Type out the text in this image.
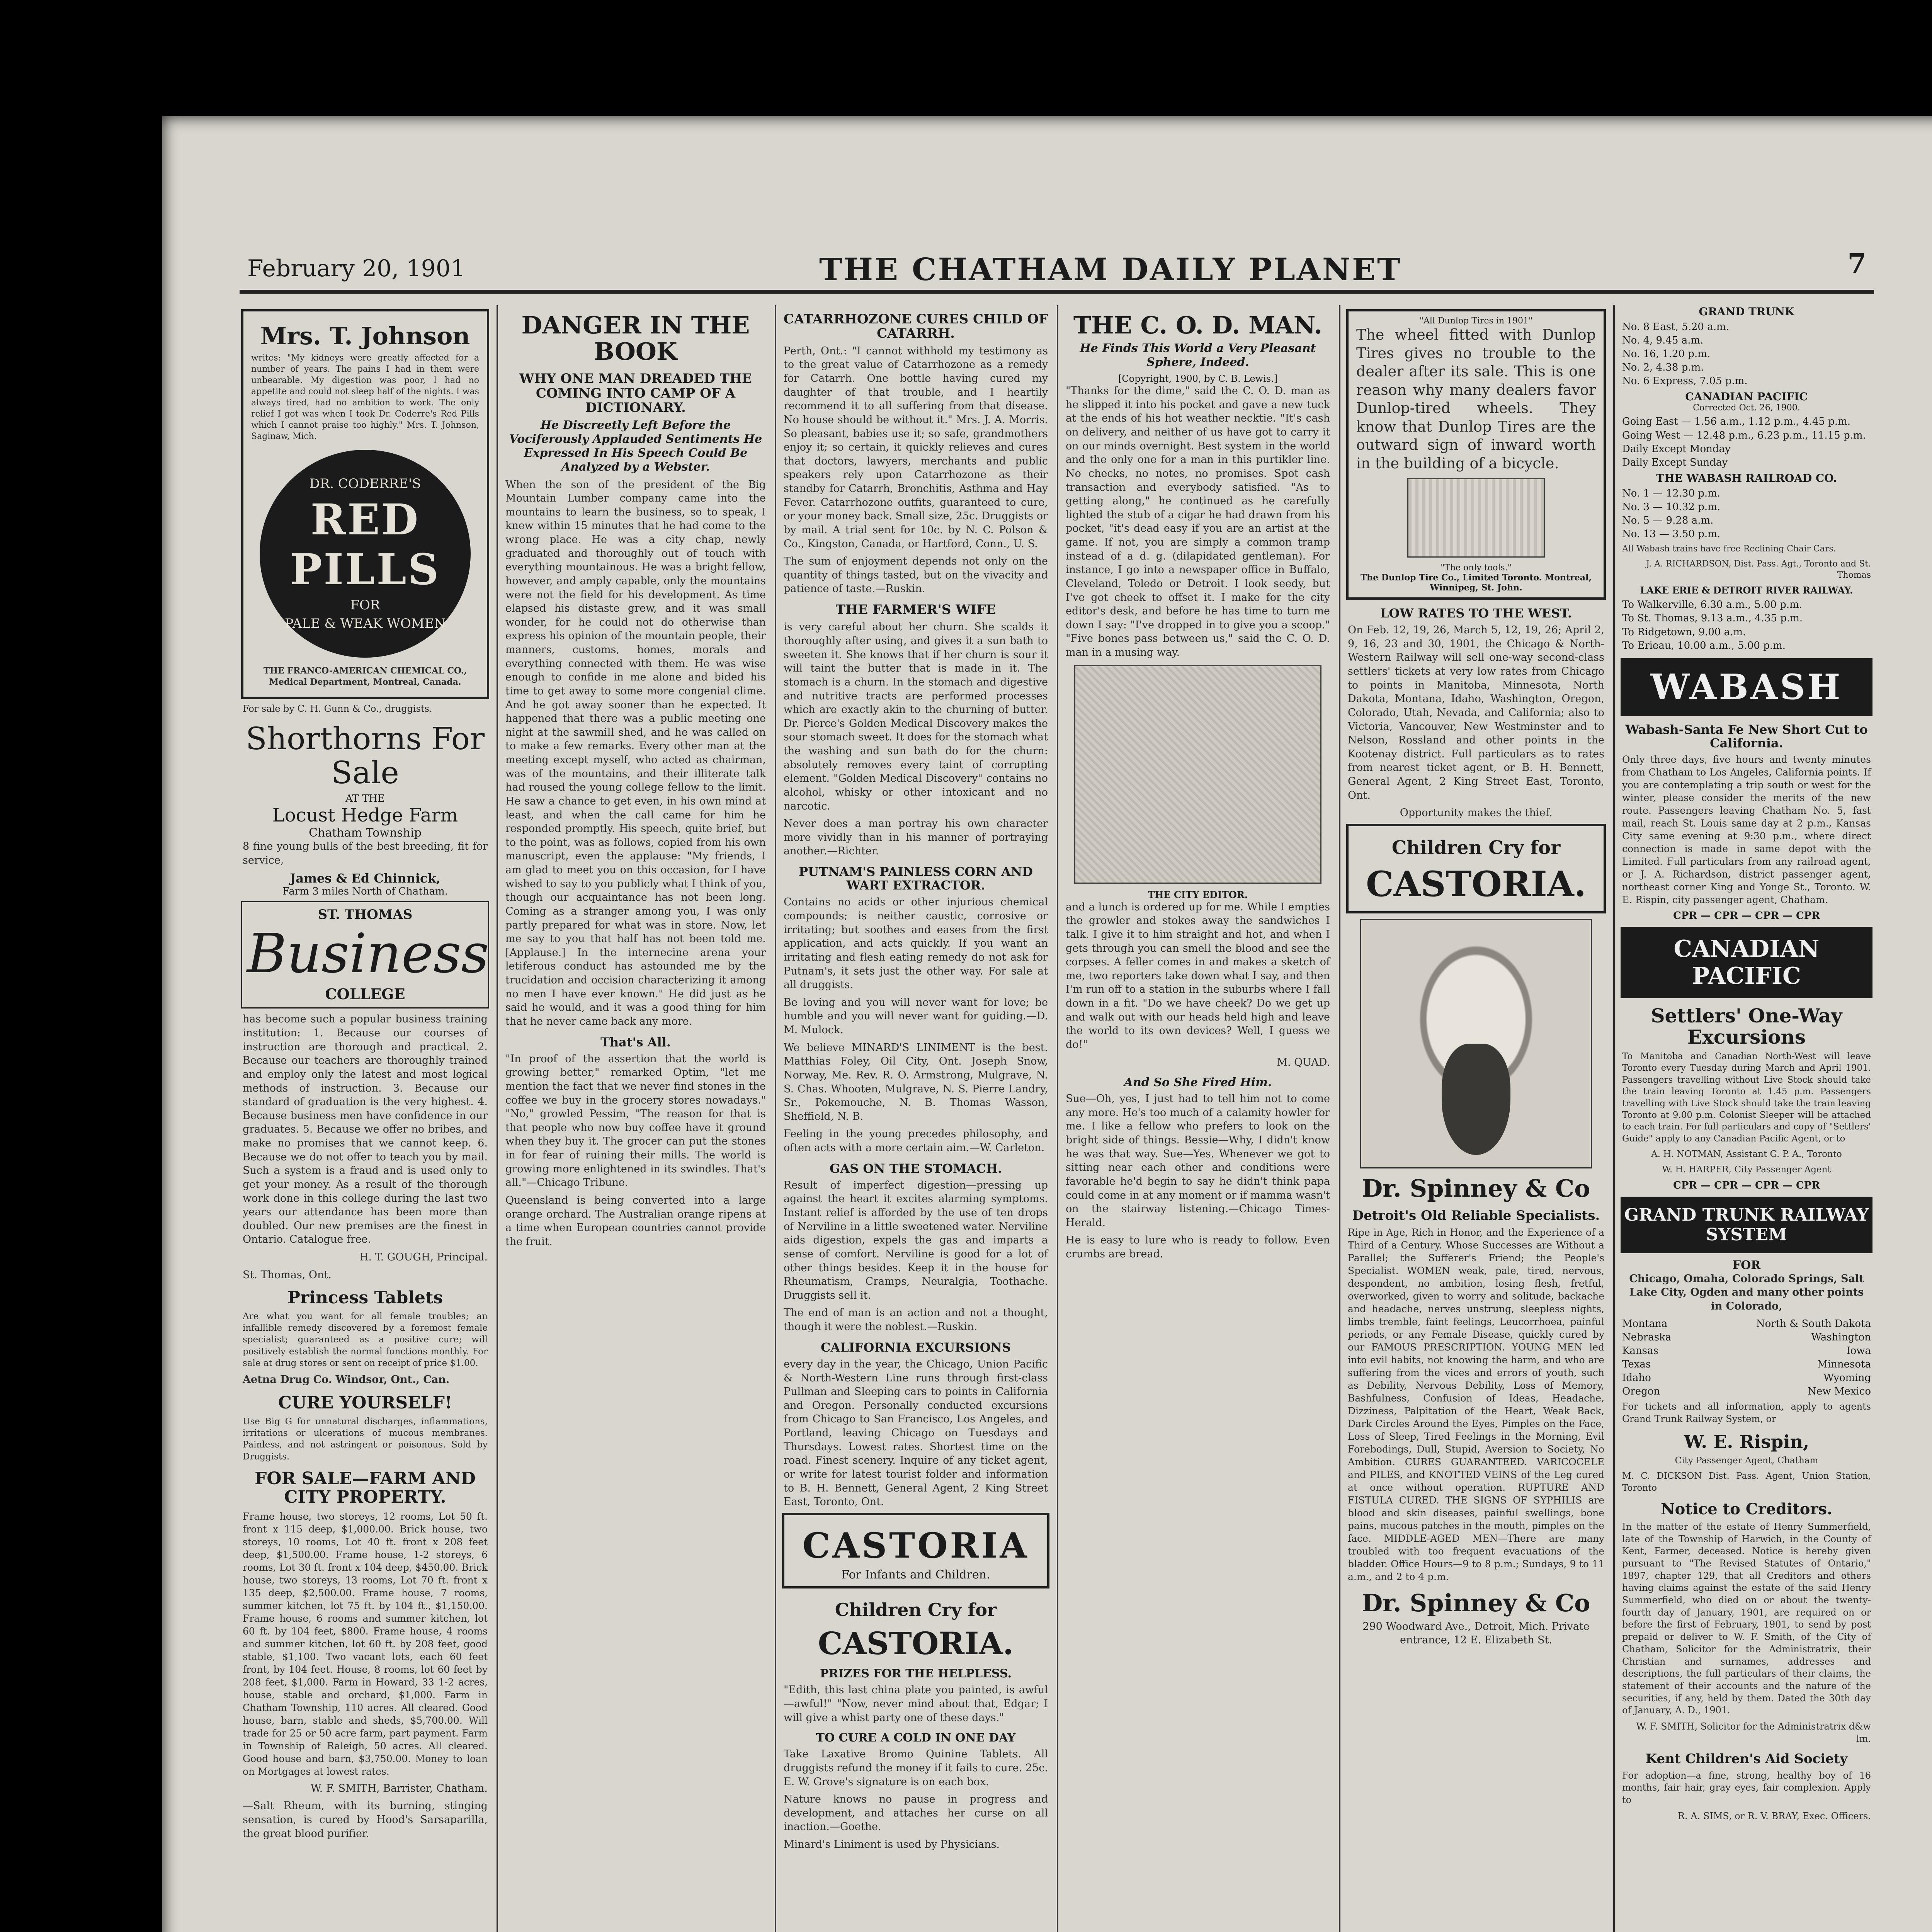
February 20, 1901	THE CHATHAM DAILY PLANET	7
Mrs. T. Johnson
writes: "My kidneys were greatly affected for a number of years. The pains I had in them were unbearable. My digestion was poor, I had no appetite and could not sleep half of the nights. I was always tired, had no ambition to work. The only relief I got was when I took Dr. Coderre's Red Pills which I cannot praise too highly." Mrs. T. Johnson, Saginaw, Mich.
DR. CODERRE'S
RED PILLS
FOR
PALE & WEAK WOMEN
THE FRANCO-AMERICAN CHEMICAL CO., Medical Department, Montreal, Canada.
For sale by C. H. Gunn & Co., druggists.
Shorthorns For Sale
AT THE
Locust Hedge Farm
Chatham Township
8 fine young bulls of the best breeding, fit for service,
James & Ed Chinnick,
Farm 3 miles North of Chatham.
ST. THOMAS
Business
COLLEGE
has become such a popular business training institution: 1. Because our courses of instruction are thorough and practical. 2. Because our teachers are thoroughly trained and employ only the latest and most logical methods of instruction. 3. Because our standard of graduation is the very highest. 4. Because business men have confidence in our graduates. 5. Because we offer no bribes, and make no promises that we cannot keep. 6. Because we do not offer to teach you by mail. Such a system is a fraud and is used only to get your money. As a result of the thorough work done in this college during the last two years our attendance has been more than doubled. Our new premises are the finest in Ontario. Catalogue free.
H. T. GOUGH, Principal.
St. Thomas, Ont.
Princess Tablets
Are what you want for all female troubles; an infallible remedy discovered by a foremost female specialist; guaranteed as a positive cure; will positively establish the normal functions monthly. For sale at drug stores or sent on receipt of price $1.00.
Aetna Drug Co. Windsor, Ont., Can.
CURE YOURSELF!
Use Big G for unnatural discharges, inflammations, irritations or ulcerations of mucous membranes. Painless, and not astringent or poisonous. Sold by Druggists.
FOR SALE—FARM AND CITY PROPERTY.
Frame house, two storeys, 12 rooms, Lot 50 ft. front x 115 deep, $1,000.00. Brick house, two storeys, 10 rooms, Lot 40 ft. front x 208 feet deep, $1,500.00. Frame house, 1-2 storeys, 6 rooms, Lot 30 ft. front x 104 deep, $450.00. Brick house, two storeys, 13 rooms, Lot 70 ft. front x 135 deep, $2,500.00. Frame house, 7 rooms, summer kitchen, lot 75 ft. by 104 ft., $1,150.00. Frame house, 6 rooms and summer kitchen, lot 60 ft. by 104 feet, $800. Frame house, 4 rooms and summer kitchen, lot 60 ft. by 208 feet, good stable, $1,100. Two vacant lots, each 60 feet front, by 104 feet. House, 8 rooms, lot 60 feet by 208 feet, $1,000. Farm in Howard, 33 1-2 acres, house, stable and orchard, $1,000. Farm in Chatham Township, 110 acres. All cleared. Good house, barn, stable and sheds, $5,700.00. Will trade for 25 or 50 acre farm, part payment. Farm in Township of Raleigh, 50 acres. All cleared. Good house and barn, $3,750.00. Money to loan on Mortgages at lowest rates.
W. F. SMITH, Barrister, Chatham.
—Salt Rheum, with its burning, stinging sensation, is cured by Hood's Sarsaparilla, the great blood purifier.
DANGER IN THE BOOK
WHY ONE MAN DREADED THE COMING INTO CAMP OF A DICTIONARY.
He Discreetly Left Before the Vociferously Applauded Sentiments He Expressed In His Speech Could Be Analyzed by a Webster.
When the son of the president of the Big Mountain Lumber company came into the mountains to learn the business, so to speak, I knew within 15 minutes that he had come to the wrong place. He was a city chap, newly graduated and thoroughly out of touch with everything mountainous. He was a bright fellow, however, and amply capable, only the mountains were not the field for his development. As time elapsed his distaste grew, and it was small wonder, for he could not do otherwise than express his opinion of the mountain people, their manners, customs, homes, morals and everything connected with them. He was wise enough to confide in me alone and bided his time to get away to some more congenial clime. And he got away sooner than he expected. It happened that there was a public meeting one night at the sawmill shed, and he was called on to make a few remarks. Every other man at the meeting except myself, who acted as chairman, was of the mountains, and their illiterate talk had roused the young college fellow to the limit. He saw a chance to get even, in his own mind at least, and when the call came for him he responded promptly. His speech, quite brief, but to the point, was as follows, copied from his own manuscript, even the applause: "My friends, I am glad to meet you on this occasion, for I have wished to say to you publicly what I think of you, though our acquaintance has not been long. Coming as a stranger among you, I was only partly prepared for what was in store. Now, let me say to you that half has not been told me. [Applause.] In the internecine arena your letiferous conduct has astounded me by the trucidation and occision characterizing it among no men I have ever known." He did just as he said he would, and it was a good thing for him that he never came back any more.
That's All.
"In proof of the assertion that the world is growing better," remarked Optim, "let me mention the fact that we never find stones in the coffee we buy in the grocery stores nowadays." "No," growled Pessim, "The reason for that is that people who now buy coffee have it ground when they buy it. The grocer can put the stones in for fear of ruining their mills. The world is growing more enlightened in its swindles. That's all."—Chicago Tribune.
Queensland is being converted into a large orange orchard. The Australian orange ripens at a time when European countries cannot provide the fruit.
CATARRHOZONE CURES CHILD OF CATARRH.
Perth, Ont.: "I cannot withhold my testimony as to the great value of Catarrhozone as a remedy for Catarrh. One bottle having cured my daughter of that trouble, and I heartily recommend it to all suffering from that disease. No house should be without it." Mrs. J. A. Morris. So pleasant, babies use it; so safe, grandmothers enjoy it; so certain, it quickly relieves and cures that doctors, lawyers, merchants and public speakers rely upon Catarrhozone as their standby for Catarrh, Bronchitis, Asthma and Hay Fever. Catarrhozone outfits, guaranteed to cure, or your money back. Small size, 25c. Druggists or by mail. A trial sent for 10c. by N. C. Polson & Co., Kingston, Canada, or Hartford, Conn., U. S.
The sum of enjoyment depends not only on the quantity of things tasted, but on the vivacity and patience of taste.—Ruskin.
THE FARMER'S WIFE
is very careful about her churn. She scalds it thoroughly after using, and gives it a sun bath to sweeten it. She knows that if her churn is sour it will taint the butter that is made in it. The stomach is a churn. In the stomach and digestive and nutritive tracts are performed processes which are exactly akin to the churning of butter. Dr. Pierce's Golden Medical Discovery makes the sour stomach sweet. It does for the stomach what the washing and sun bath do for the churn: absolutely removes every taint of corrupting element. "Golden Medical Discovery" contains no alcohol, whisky or other intoxicant and no narcotic.
Never does a man portray his own character more vividly than in his manner of portraying another.—Richter.
PUTNAM'S PAINLESS CORN AND WART EXTRACTOR.
Contains no acids or other injurious chemical compounds; is neither caustic, corrosive or irritating; but soothes and eases from the first application, and acts quickly. If you want an irritating and flesh eating remedy do not ask for Putnam's, it sets just the other way. For sale at all druggists.
Be loving and you will never want for love; be humble and you will never want for guiding.—D. M. Mulock.
We believe MINARD'S LINIMENT is the best. Matthias Foley, Oil City, Ont. Joseph Snow, Norway, Me. Rev. R. O. Armstrong, Mulgrave, N. S. Chas. Whooten, Mulgrave, N. S. Pierre Landry, Sr., Pokemouche, N. B. Thomas Wasson, Sheffield, N. B.
Feeling in the young precedes philosophy, and often acts with a more certain aim.—W. Carleton.
GAS ON THE STOMACH.
Result of imperfect digestion—pressing up against the heart it excites alarming symptoms. Instant relief is afforded by the use of ten drops of Nerviline in a little sweetened water. Nerviline aids digestion, expels the gas and imparts a sense of comfort. Nerviline is good for a lot of other things besides. Keep it in the house for Rheumatism, Cramps, Neuralgia, Toothache. Druggists sell it.
The end of man is an action and not a thought, though it were the noblest.—Ruskin.
CALIFORNIA EXCURSIONS
every day in the year, the Chicago, Union Pacific & North-Western Line runs through first-class Pullman and Sleeping cars to points in California and Oregon. Personally conducted excursions from Chicago to San Francisco, Los Angeles, and Portland, leaving Chicago on Tuesdays and Thursdays. Lowest rates. Shortest time on the road. Finest scenery. Inquire of any ticket agent, or write for latest tourist folder and information to B. H. Bennett, General Agent, 2 King Street East, Toronto, Ont.
CASTORIA
For Infants and Children.
Children Cry for
CASTORIA.
PRIZES FOR THE HELPLESS.
"Edith, this last china plate you painted, is awful—awful!" "Now, never mind about that, Edgar; I will give a whist party one of these days."
TO CURE A COLD IN ONE DAY
Take Laxative Bromo Quinine Tablets. All druggists refund the money if it fails to cure. 25c. E. W. Grove's signature is on each box.
Nature knows no pause in progress and development, and attaches her curse on all inaction.—Goethe.
Minard's Liniment is used by Physicians.
THE C. O. D. MAN.
He Finds This World a Very Pleasant Sphere, Indeed.
[Copyright, 1900, by C. B. Lewis.]
"Thanks for the dime," said the C. O. D. man as he slipped it into his pocket and gave a new tuck at the ends of his hot weather necktie. "It's cash on delivery, and neither of us have got to carry it on our minds overnight. Best system in the world and the only one for a man in this purtikler line. No checks, no notes, no promises. Spot cash transaction and everybody satisfied. "As to getting along," he continued as he carefully lighted the stub of a cigar he had drawn from his pocket, "it's dead easy if you are an artist at the game. If not, you are simply a common tramp instead of a d. g. (dilapidated gentleman). For instance, I go into a newspaper office in Buffalo, Cleveland, Toledo or Detroit. I look seedy, but I've got cheek to offset it. I make for the city editor's desk, and before he has time to turn me down I say: "I've dropped in to give you a scoop." "Five bones pass between us," said the C. O. D. man in a musing way.
THE CITY EDITOR.
and a lunch is ordered up for me. While I empties the growler and stokes away the sandwiches I talk. I give it to him straight and hot, and when I gets through you can smell the blood and see the corpses. A feller comes in and makes a sketch of me, two reporters take down what I say, and then I'm run off to a station in the suburbs where I fall down in a fit. "Do we have cheek? Do we get up and walk out with our heads held high and leave the world to its own devices? Well, I guess we do!"
M. QUAD.
And So She Fired Him.
Sue—Oh, yes, I just had to tell him not to come any more. He's too much of a calamity howler for me. I like a fellow who prefers to look on the bright side of things. Bessie—Why, I didn't know he was that way. Sue—Yes. Whenever we got to sitting near each other and conditions were favorable he'd begin to say he didn't think papa could come in at any moment or if mamma wasn't on the stairway listening.—Chicago Times-Herald.
He is easy to lure who is ready to follow. Even crumbs are bread.
"All Dunlop Tires in 1901"
The wheel fitted with Dunlop Tires gives no trouble to the dealer after its sale. This is one reason why many dealers favor Dunlop-tired wheels. They know that Dunlop Tires are the outward sign of inward worth in the building of a bicycle.
"The only tools."
The Dunlop Tire Co., Limited Toronto. Montreal, Winnipeg, St. John.
LOW RATES TO THE WEST.
On Feb. 12, 19, 26, March 5, 12, 19, 26; April 2, 9, 16, 23 and 30, 1901, the Chicago & North-Western Railway will sell one-way second-class settlers' tickets at very low rates from Chicago to points in Manitoba, Minnesota, North Dakota, Montana, Idaho, Washington, Oregon, Colorado, Utah, Nevada, and California; also to Victoria, Vancouver, New Westminster and to Nelson, Rossland and other points in the Kootenay district. Full particulars as to rates from nearest ticket agent, or B. H. Bennett, General Agent, 2 King Street East, Toronto, Ont.
Opportunity makes the thief.
Children Cry for
CASTORIA.
Dr. Spinney & Co
Detroit's Old Reliable Specialists.
Ripe in Age, Rich in Honor, and the Experience of a Third of a Century. Whose Successes are Without a Parallel; the Sufferer's Friend; the People's Specialist. WOMEN weak, pale, tired, nervous, despondent, no ambition, losing flesh, fretful, overworked, given to worry and solitude, backache and headache, nerves unstrung, sleepless nights, limbs tremble, faint feelings, Leucorrhoea, painful periods, or any Female Disease, quickly cured by our FAMOUS PRESCRIPTION. YOUNG MEN led into evil habits, not knowing the harm, and who are suffering from the vices and errors of youth, such as Debility, Nervous Debility, Loss of Memory, Bashfulness, Confusion of Ideas, Headache, Dizziness, Palpitation of the Heart, Weak Back, Dark Circles Around the Eyes, Pimples on the Face, Loss of Sleep, Tired Feelings in the Morning, Evil Forebodings, Dull, Stupid, Aversion to Society, No Ambition. CURES GUARANTEED. VARICOCELE and PILES, and KNOTTED VEINS of the Leg cured at once without operation. RUPTURE AND FISTULA CURED. THE SIGNS OF SYPHILIS are blood and skin diseases, painful swellings, bone pains, mucous patches in the mouth, pimples on the face. MIDDLE-AGED MEN—There are many troubled with too frequent evacuations of the bladder. Office Hours—9 to 8 p.m.; Sundays, 9 to 11 a.m., and 2 to 4 p.m.
Dr. Spinney & Co
290 Woodward Ave., Detroit, Mich. Private entrance, 12 E. Elizabeth St.
GRAND TRUNK
No. 8 East, 5.20 a.m.
No. 4, 9.45 a.m.
No. 16, 1.20 p.m.
No. 2, 4.38 p.m.
No. 6 Express, 7.05 p.m.
CANADIAN PACIFIC
Corrected Oct. 26, 1900.
Going East — 1.56 a.m., 1.12 p.m., 4.45 p.m.
Going West — 12.48 p.m., 6.23 p.m., 11.15 p.m.
Daily Except Monday
Daily Except Sunday
THE WABASH RAILROAD CO.
No. 1 — 12.30 p.m.
No. 3 — 10.32 p.m.
No. 5 — 9.28 a.m.
No. 13 — 3.50 p.m.
All Wabash trains have free Reclining Chair Cars.
J. A. RICHARDSON, Dist. Pass. Agt., Toronto and St. Thomas
LAKE ERIE & DETROIT RIVER RAILWAY.
To Walkerville, 6.30 a.m., 5.00 p.m.
To St. Thomas, 9.13 a.m., 4.35 p.m.
To Ridgetown, 9.00 a.m.
To Erieau, 10.00 a.m., 5.00 p.m.
WABASH
Wabash-Santa Fe New Short Cut to California.
Only three days, five hours and twenty minutes from Chatham to Los Angeles, California points. If you are contemplating a trip south or west for the winter, please consider the merits of the new route. Passengers leaving Chatham No. 5, fast mail, reach St. Louis same day at 2 p.m., Kansas City same evening at 9:30 p.m., where direct connection is made in same depot with the Limited. Full particulars from any railroad agent, or J. A. Richardson, district passenger agent, northeast corner King and Yonge St., Toronto. W. E. Rispin, city passenger agent, Chatham.
CPR — CPR — CPR — CPR
CANADIAN PACIFIC
Settlers' One-Way Excursions
To Manitoba and Canadian North-West will leave Toronto every Tuesday during March and April 1901. Passengers travelling without Live Stock should take the train leaving Toronto at 1.45 p.m. Passengers travelling with Live Stock should take the train leaving Toronto at 9.00 p.m. Colonist Sleeper will be attached to each train. For full particulars and copy of "Settlers' Guide" apply to any Canadian Pacific Agent, or to
A. H. NOTMAN, Assistant G. P. A., Toronto
W. H. HARPER, City Passenger Agent
CPR — CPR — CPR — CPR
GRAND TRUNK RAILWAY SYSTEM
FOR
Chicago, Omaha, Colorado Springs, Salt Lake City, Ogden and many other points in Colorado,
Montana	North & South Dakota
Nebraska	Washington
Kansas	Iowa
Texas	Minnesota
Idaho	Wyoming
Oregon	New Mexico
For tickets and all information, apply to agents Grand Trunk Railway System, or
W. E. Rispin,
City Passenger Agent, Chatham
M. C. DICKSON Dist. Pass. Agent, Union Station, Toronto
Notice to Creditors.
In the matter of the estate of Henry Summerfield, late of the Township of Harwich, in the County of Kent, Farmer, deceased. Notice is hereby given pursuant to "The Revised Statutes of Ontario," 1897, chapter 129, that all Creditors and others having claims against the estate of the said Henry Summerfield, who died on or about the twenty-fourth day of January, 1901, are required on or before the first of February, 1901, to send by post prepaid or deliver to W. F. Smith, of the City of Chatham, Solicitor for the Administratrix, their Christian and surnames, addresses and descriptions, the full particulars of their claims, the statement of their accounts and the nature of the securities, if any, held by them. Dated the 30th day of January, A. D., 1901.
W. F. SMITH, Solicitor for the Administratrix d&w lm.
Kent Children's Aid Society
For adoption—a fine, strong, healthy boy of 16 months, fair hair, gray eyes, fair complexion. Apply to
R. A. SIMS, or R. V. BRAY, Exec. Officers.
